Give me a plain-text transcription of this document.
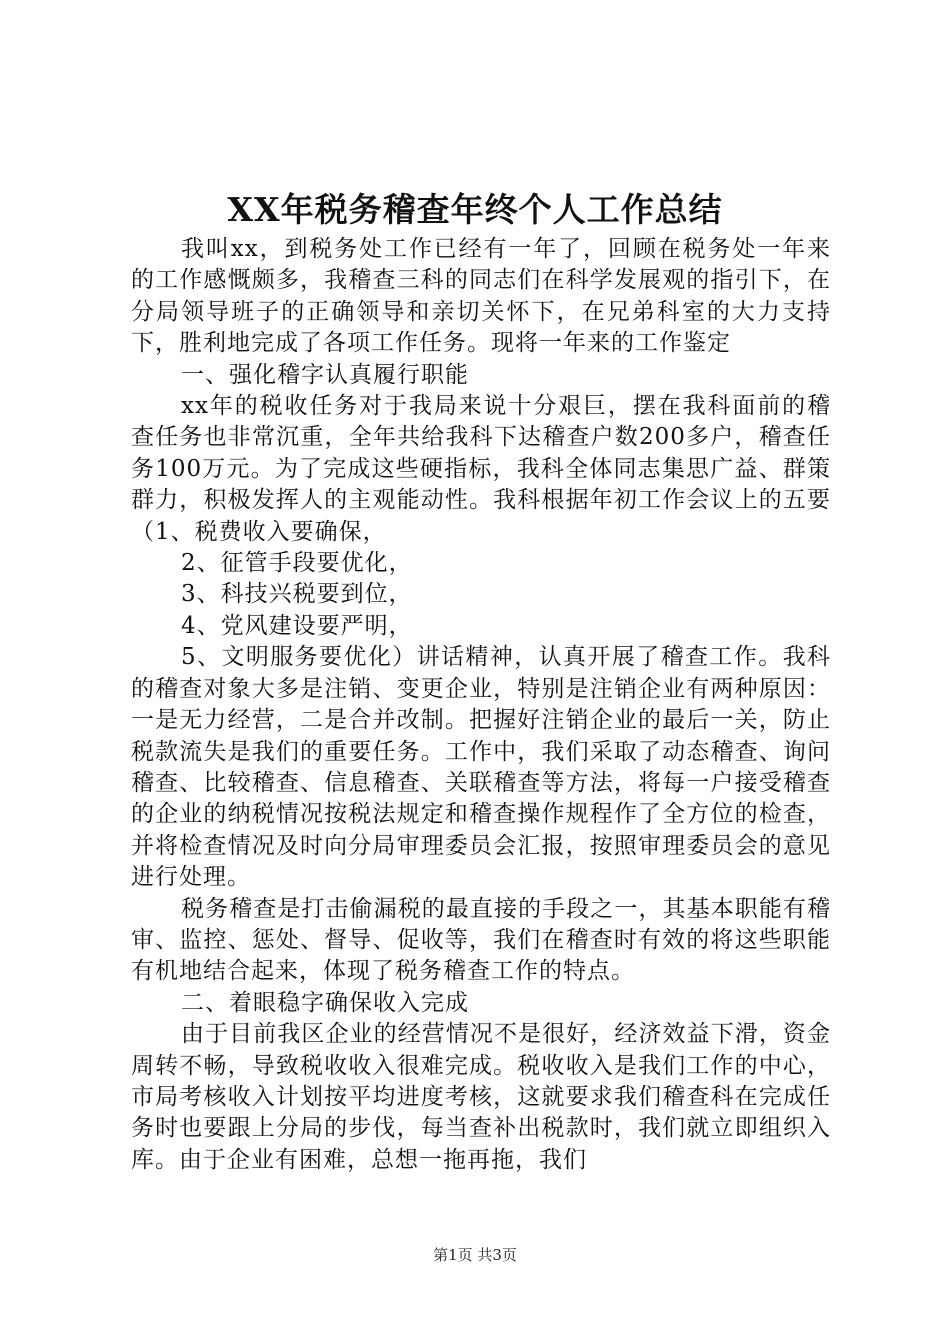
XX年税务稽查年终个人工作总结

我叫xx，到税务处工作已经有一年了，回顾在税务处一年来的工作感慨颇多，我稽查三科的同志们在科学发展观的指引下，在分局领导班子的正确领导和亲切关怀下，在兄弟科室的大力支持下，胜利地完成了各项工作任务。现将一年来的工作鉴定

一、强化稽字认真履行职能

xx年的税收任务对于我局来说十分艰巨，摆在我科面前的稽查任务也非常沉重，全年共给我科下达稽查户数200多户，稽查任务100万元。为了完成这些硬指标，我科全体同志集思广益、群策群力，积极发挥人的主观能动性。我科根据年初工作会议上的五要（1、税费收入要确保，

2、征管手段要优化，

3、科技兴税要到位，

4、党风建设要严明，

5、文明服务要优化）讲话精神，认真开展了稽查工作。我科的稽查对象大多是注销、变更企业，特别是注销企业有两种原因：一是无力经营，二是合并改制。把握好注销企业的最后一关，防止税款流失是我们的重要任务。工作中，我们采取了动态稽查、询问稽查、比较稽查、信息稽查、关联稽查等方法，将每一户接受稽查的企业的纳税情况按税法规定和稽查操作规程作了全方位的检查，并将检查情况及时向分局审理委员会汇报，按照审理委员会的意见进行处理。

税务稽查是打击偷漏税的最直接的手段之一，其基本职能有稽审、监控、惩处、督导、促收等，我们在稽查时有效的将这些职能有机地结合起来，体现了税务稽查工作的特点。

二、着眼稳字确保收入完成

由于目前我区企业的经营情况不是很好，经济效益下滑，资金周转不畅，导致税收收入很难完成。税收收入是我们工作的中心，市局考核收入计划按平均进度考核，这就要求我们稽查科在完成任务时也要跟上分局的步伐，每当查补出税款时，我们就立即组织入库。由于企业有困难，总想一拖再拖，我们

第1页 共3页
